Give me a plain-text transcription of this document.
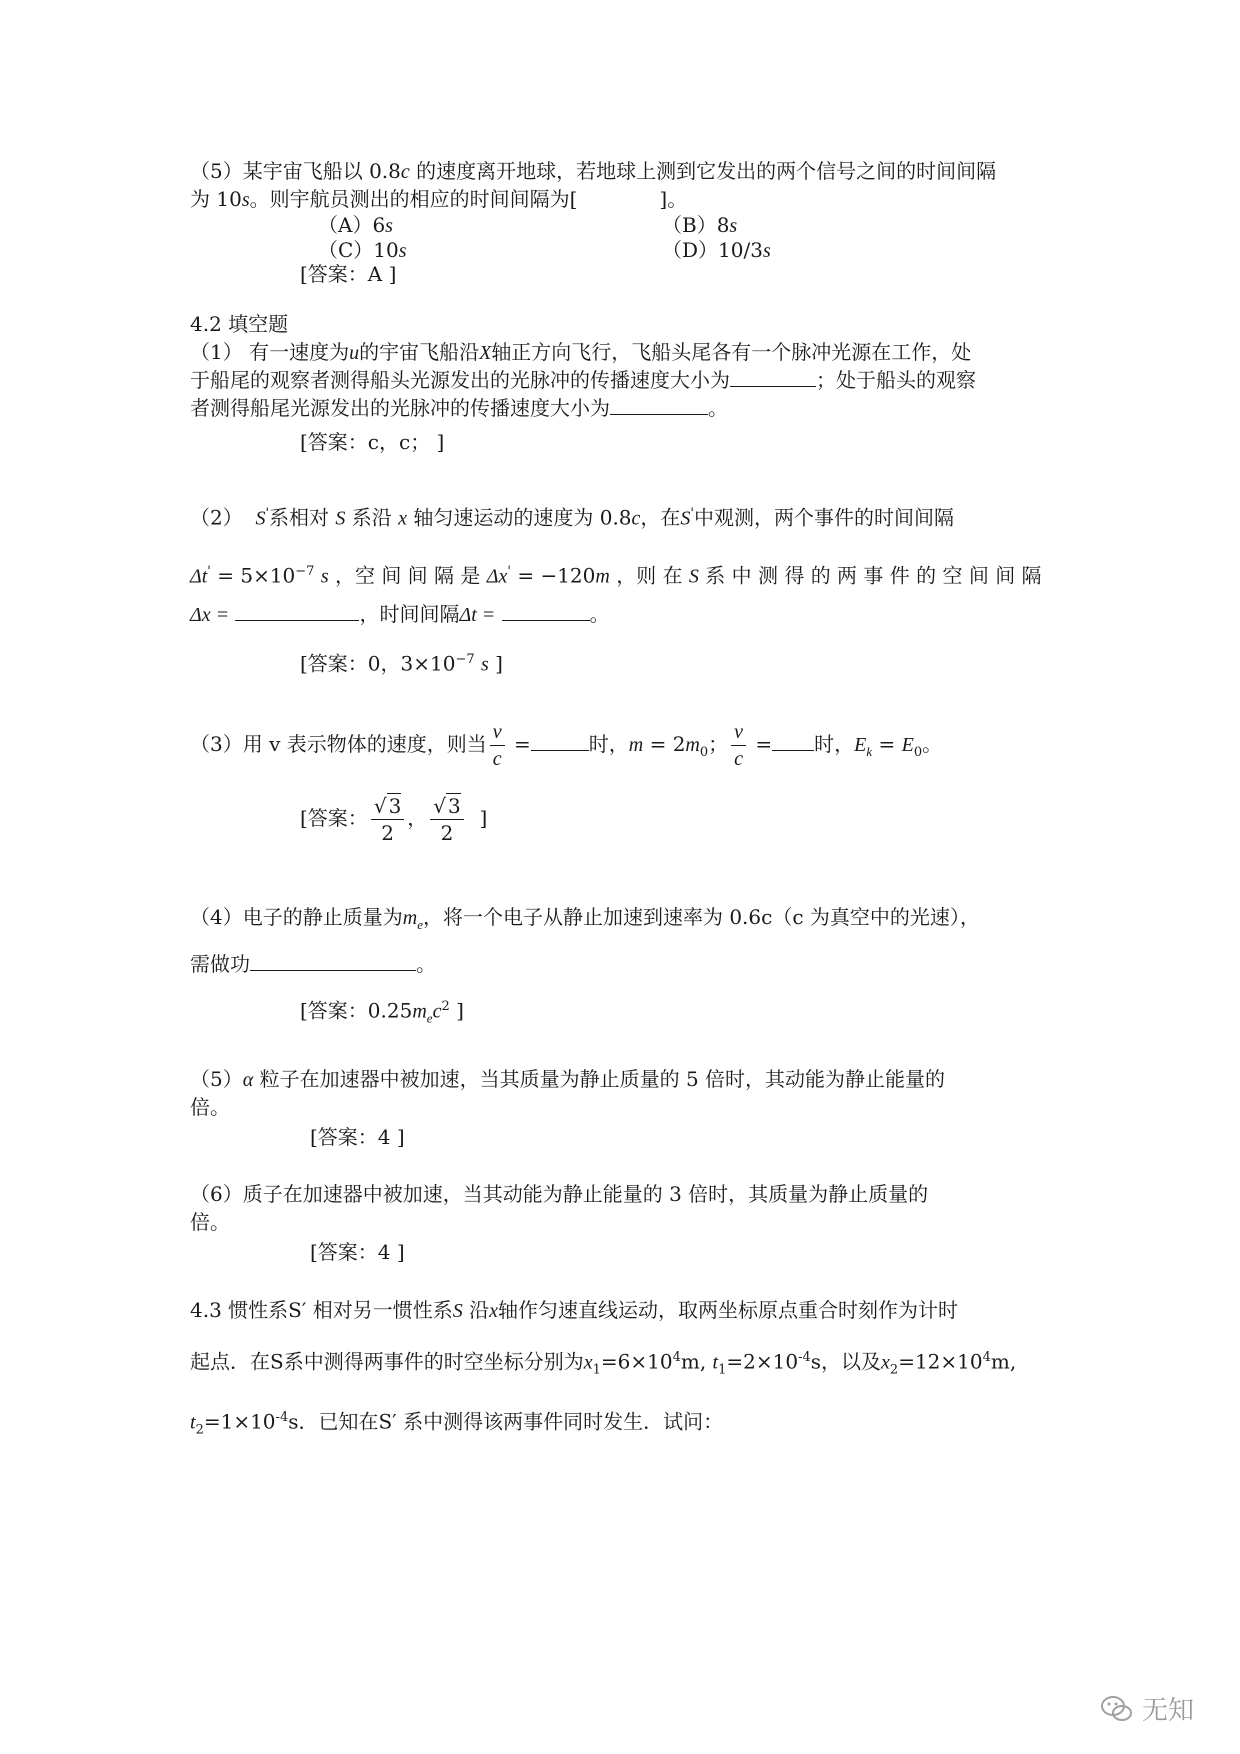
（5）某宇宙飞船以 0.8c 的速度离开地球，若地球上测到它发出的两个信号之间的时间间隔
为 10s。则宇航员测出的相应的时间间隔为[	]。
（A）6s	（B）8s
（C）10s	（D）10/3s
[答案：A ]
4.2 填空题
（1） 有一速度为u的宇宙飞船沿X轴正方向飞行，飞船头尾各有一个脉冲光源在工作，处
于船尾的观察者测得船头光源发出的光脉冲的传播速度大小为	；处于船头的观察
者测得船尾光源发出的光脉冲的传播速度大小为	。
[答案：c，c； ]
（2） S'系相对 S 系沿 x 轴匀速运动的速度为 0.8c，在S'中观测，两个事件的时间间隔
$\Delta t' = 5\times 10^{-7}$ s ，空 间 间 隔 是 Δx' = −120m ，则 在 S 系 中 测 得 的 两 事 件 的 空 间 间 隔
Δx =	，时间间隔Δt =	。
[答案：0，$3\times 10^{-7}$ s ]
（3）用 v 表示物体的速度，则当 $\frac{v}{c}$ =	时，$m = 2m_0$； $\frac{v}{c}$ = 时，$E_k = E_0$。
[答案： $\frac{√ 3}{2}$ ， $\frac{√ 3}{2}$ ]
（4）电子的静止质量为$m_e$，将一个电子从静止加速到速率为 0.6c（c 为真空中的光速），
需做功	。
[答案：$0.25m_ec^2$ ]
（5）α 粒子在加速器中被加速，当其质量为静止质量的 5 倍时，其动能为静止能量的
倍。
[答案：4 ]
（6）质子在加速器中被加速，当其动能为静止能量的 3 倍时，其质量为静止质量的
倍。
[答案：4 ]
4.3 惯性系S′ 相对另一惯性系S 沿x轴作匀速直线运动，取两坐标原点重合时刻作为计时
起点．在S系中测得两事件的时空坐标分别为$x_1=6\times 10^4m$, $t_1=2\times 10^{-4}s$，以及$x_2=12\times 10^4m$,
$t_2=1\times 10^{-4}s$．已知在S′ 系中测得该两事件同时发生．试问：
无知
